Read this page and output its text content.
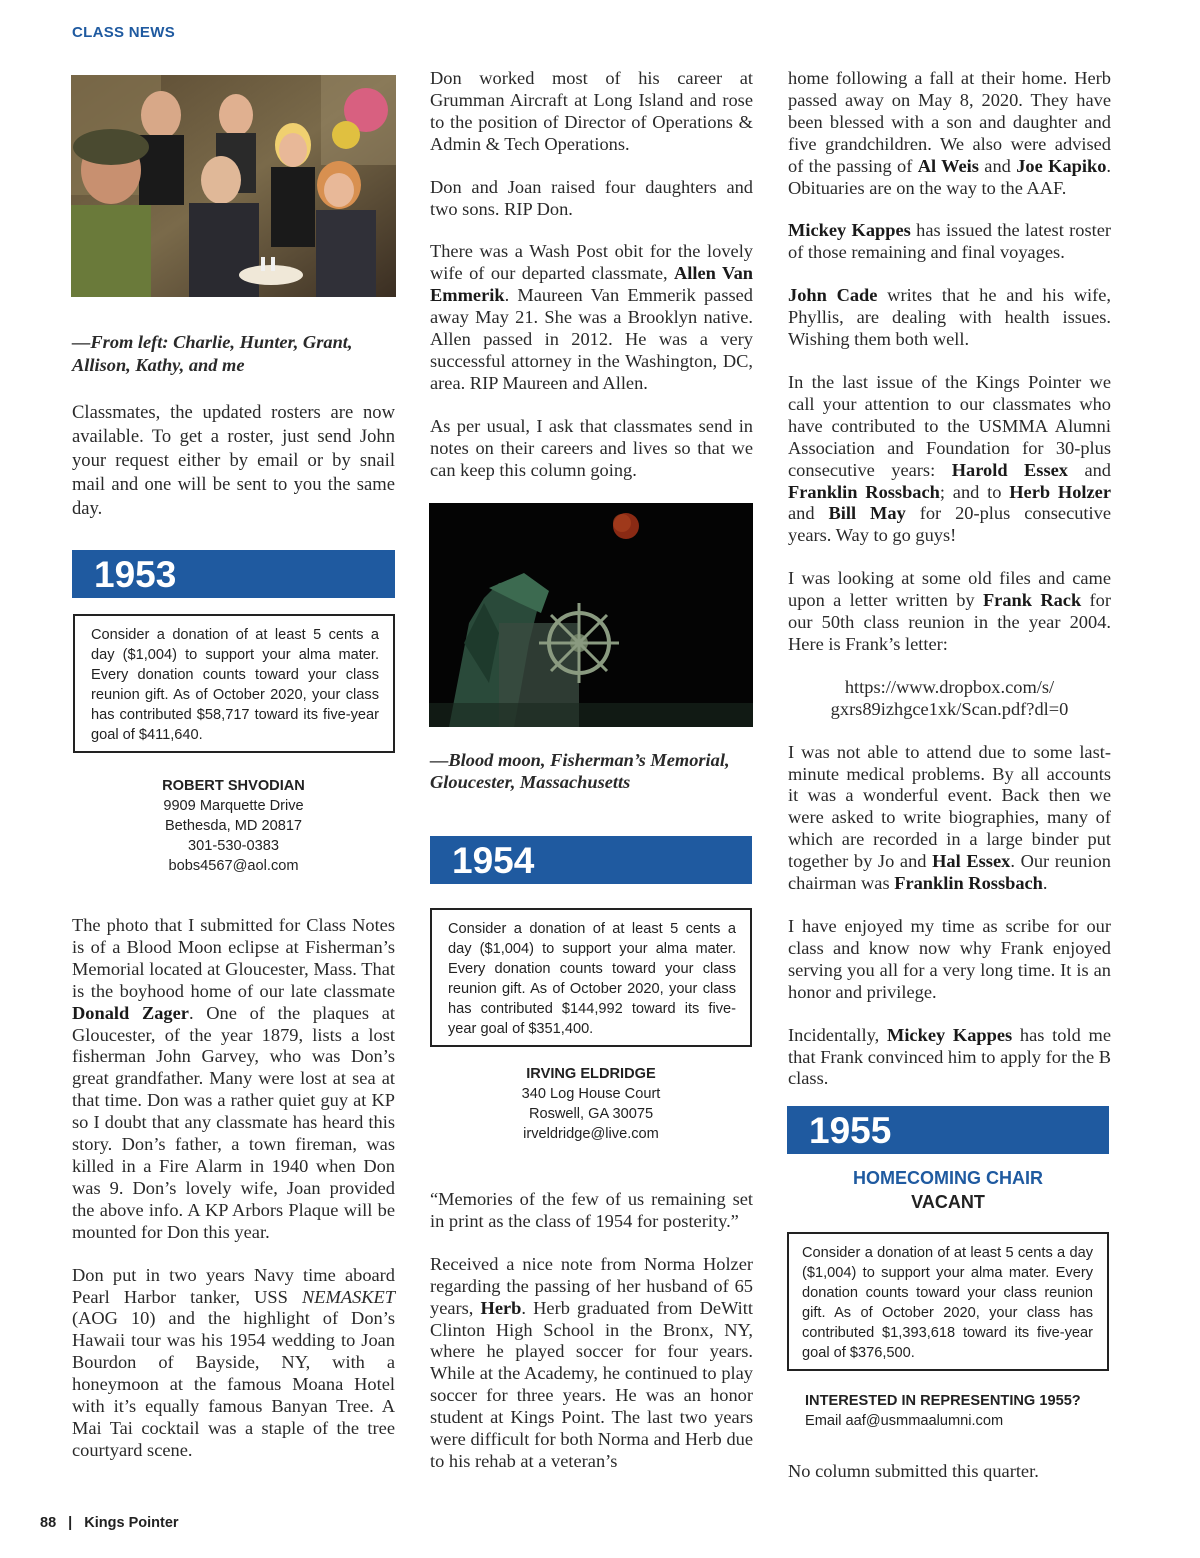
CLASS NEWS

—From left: Charlie, Hunter, Grant, Allison, Kathy, and me

Classmates, the updated rosters are now available. To get a roster, just send John your request either by email or by snail mail and one will be sent to you the same day.

1953
Consider a donation of at least 5 cents a day ($1,004) to support your alma mater. Every donation counts toward your class reunion gift. As of October 2020, your class has contributed $58,717 toward its five-year goal of $411,640.
ROBERT SHVODIAN
9909 Marquette Drive
Bethesda, MD 20817
301-530-0383
bobs4567@aol.com

The photo that I submitted for Class Notes is of a Blood Moon eclipse at Fisherman’s Memorial located at Gloucester, Mass. That is the boyhood home of our late classmate Donald Zager. One of the plaques at Gloucester, of the year 1879, lists a lost fisherman John Garvey, who was Don’s great grandfather. Many were lost at sea at that time. Don was a rather quiet guy at KP so I doubt that any classmate has heard this story. Don’s father, a town fireman, was killed in a Fire Alarm in 1940 when Don was 9. Don’s lovely wife, Joan provided the above info. A KP Arbors Plaque will be mounted for Don this year.

Don put in two years Navy time aboard Pearl Harbor tanker, USS NEMASKET (AOG 10) and the highlight of Don’s Hawaii tour was his 1954 wedding to Joan Bourdon of Bayside, NY, with a honeymoon at the famous Moana Hotel with it’s equally famous Banyan Tree. A Mai Tai cocktail was a staple of the tree courtyard scene.

Don worked most of his career at Grumman Aircraft at Long Island and rose to the position of Director of Operations & Admin & Tech Operations.

Don and Joan raised four daughters and two sons. RIP Don.

There was a Wash Post obit for the lovely wife of our departed classmate, Allen Van Emmerik. Maureen Van Emmerik passed away May 21. She was a Brooklyn native. Allen passed in 2012. He was a very successful attorney in the Washington, DC, area. RIP Maureen and Allen.

As per usual, I ask that classmates send in notes on their careers and lives so that we can keep this column going.

—Blood moon, Fisherman’s Memorial, Gloucester, Massachusetts

1954
Consider a donation of at least 5 cents a day ($1,004) to support your alma mater. Every donation counts toward your class reunion gift. As of October 2020, your class has contributed $144,992 toward its five-year goal of $351,400.
IRVING ELDRIDGE
340 Log House Court
Roswell, GA 30075
irveldridge@live.com

“Memories of the few of us remaining set in print as the class of 1954 for posterity.”

Received a nice note from Norma Holzer regarding the passing of her husband of 65 years, Herb. Herb graduated from DeWitt Clinton High School in the Bronx, NY, where he played soccer for four years. While at the Academy, he continued to play soccer for three years. He was an honor student at Kings Point. The last two years were difficult for both Norma and Herb due to his rehab at a veteran’s

home following a fall at their home. Herb passed away on May 8, 2020. They have been blessed with a son and daughter and five grandchildren. We also were advised of the passing of Al Weis and Joe Kapiko. Obituaries are on the way to the AAF.

Mickey Kappes has issued the latest roster of those remaining and final voyages.

John Cade writes that he and his wife, Phyllis, are dealing with health issues. Wishing them both well.

In the last issue of the Kings Pointer we call your attention to our classmates who have contributed to the USMMA Alumni Association and Foundation for 30-plus consecutive years: Harold Essex and Franklin Rossbach; and to Herb Holzer and Bill May for 20-plus consecutive years. Way to go guys!

I was looking at some old files and came upon a letter written by Frank Rack for our 50th class reunion in the year 2004. Here is Frank’s letter:

https://www.dropbox.com/s/
gxrs89izhgce1xk/Scan.pdf?dl=0

I was not able to attend due to some last-minute medical problems. By all accounts it was a wonderful event. Back then we were asked to write biographies, many of which are recorded in a large binder put together by Jo and Hal Essex. Our reunion chairman was Franklin Rossbach.

I have enjoyed my time as scribe for our class and know now why Frank enjoyed serving you all for a very long time. It is an honor and privilege.

Incidentally, Mickey Kappes has told me that Frank convinced him to apply for the B class.

1955
HOMECOMING CHAIR
VACANT
Consider a donation of at least 5 cents a day ($1,004) to support your alma mater. Every donation counts toward your class reunion gift. As of October 2020, your class has contributed $1,393,618 toward its five-year goal of $376,500.
INTERESTED IN REPRESENTING 1955?
Email aaf@usmmaalumni.com
No column submitted this quarter.
88 | Kings Pointer
